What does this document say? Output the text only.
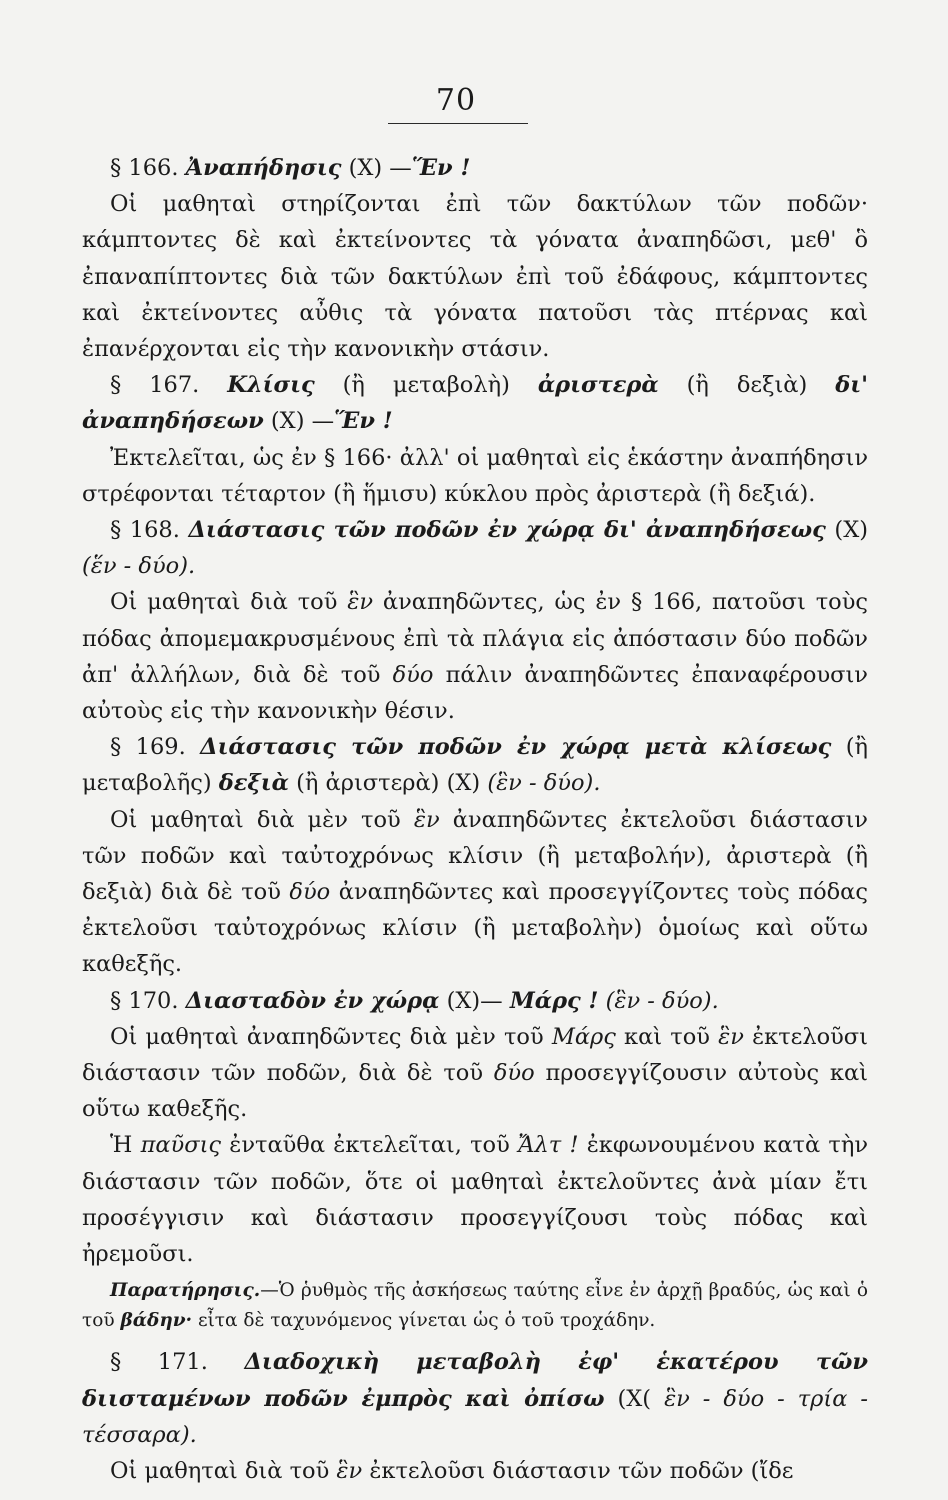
70

§ 166. Ἀναπήδησις (Χ) —Ἕν !

Οἱ μαθηταὶ στηρίζονται ἐπὶ τῶν δακτύλων τῶν ποδῶν· κάμπτοντες δὲ καὶ ἐκτείνοντες τὰ γόνατα ἀναπηδῶσι, μεθ' ὃ ἐπαναπίπτοντες διὰ τῶν δακτύλων ἐπὶ τοῦ ἐδάφους, κάμπτοντες καὶ ἐκτείνοντες αὖθις τὰ γόνατα πατοῦσι τὰς πτέρνας καὶ ἐπανέρχονται εἰς τὴν κανονικὴν στάσιν.

§ 167. Κλίσις (ἢ μεταβολὴ) ἀριστερὰ (ἢ δεξιὰ) δι' ἀναπηδήσεων (Χ) —Ἕν !

Ἐκτελεῖται, ὡς ἐν § 166· ἀλλ' οἱ μαθηταὶ εἰς ἑκάστην ἀναπήδησιν στρέφονται τέταρτον (ἢ ἥμισυ) κύκλου πρὸς ἀριστερὰ (ἢ δεξιά).

§ 168. Διάστασις τῶν ποδῶν ἐν χώρᾳ δι' ἀναπηδήσεως (Χ) (ἕν - δύο).

Οἱ μαθηταὶ διὰ τοῦ ἓν ἀναπηδῶντες, ὡς ἐν § 166, πατοῦσι τοὺς πόδας ἀπομεμακρυσμένους ἐπὶ τὰ πλάγια εἰς ἀπόστασιν δύο ποδῶν ἀπ' ἀλλήλων, διὰ δὲ τοῦ δύο πάλιν ἀναπηδῶντες ἐπαναφέρουσιν αὐτοὺς εἰς τὴν κανονικὴν θέσιν.

§ 169. Διάστασις τῶν ποδῶν ἐν χώρᾳ μετὰ κλίσεως (ἢ μεταβολῆς) δεξιὰ (ἢ ἀριστερὰ) (Χ) (ἓν - δύο).

Οἱ μαθηταὶ διὰ μὲν τοῦ ἓν ἀναπηδῶντες ἐκτελοῦσι διάστασιν τῶν ποδῶν καὶ ταὐτοχρόνως κλίσιν (ἢ μεταβολήν), ἀριστερὰ (ἢ δεξιὰ) διὰ δὲ τοῦ δύο ἀναπηδῶντες καὶ προσεγγίζοντες τοὺς πόδας ἐκτελοῦσι ταὐτοχρόνως κλίσιν (ἢ μεταβολὴν) ὁμοίως καὶ οὕτω καθεξῆς.

§ 170. Διασταδὸν ἐν χώρᾳ (Χ)— Μάρς ! (ἓν - δύο).

Οἱ μαθηταὶ ἀναπηδῶντες διὰ μὲν τοῦ Μάρς καὶ τοῦ ἓν ἐκτελοῦσι διάστασιν τῶν ποδῶν, διὰ δὲ τοῦ δύο προσεγγίζουσιν αὐτοὺς καὶ οὕτω καθεξῆς.

Ἡ παῦσις ἐνταῦθα ἐκτελεῖται, τοῦ Ἄλτ ! ἐκφωνουμένου κατὰ τὴν διάστασιν τῶν ποδῶν, ὅτε οἱ μαθηταὶ ἐκτελοῦντες ἀνὰ μίαν ἔτι προσέγγισιν καὶ διάστασιν προσεγγίζουσι τοὺς πόδας καὶ ἠρεμοῦσι.

Παρατήρησις.—Ὁ ῥυθμὸς τῆς ἀσκήσεως ταύτης εἶνε ἐν ἀρχῇ βραδύς, ὡς καὶ ὁ τοῦ βάδην· εἶτα δὲ ταχυνόμενος γίνεται ὡς ὁ τοῦ τροχάδην.

§ 171. Διαδοχικὴ μεταβολὴ ἐφ' ἑκατέρου τῶν διισταμένων ποδῶν ἐμπρὸς καὶ ὀπίσω (Χ( ἓν - δύο - τρία - τέσσαρα).

Οἱ μαθηταὶ διὰ τοῦ ἓν ἐκτελοῦσι διάστασιν τῶν ποδῶν (ἴδε
